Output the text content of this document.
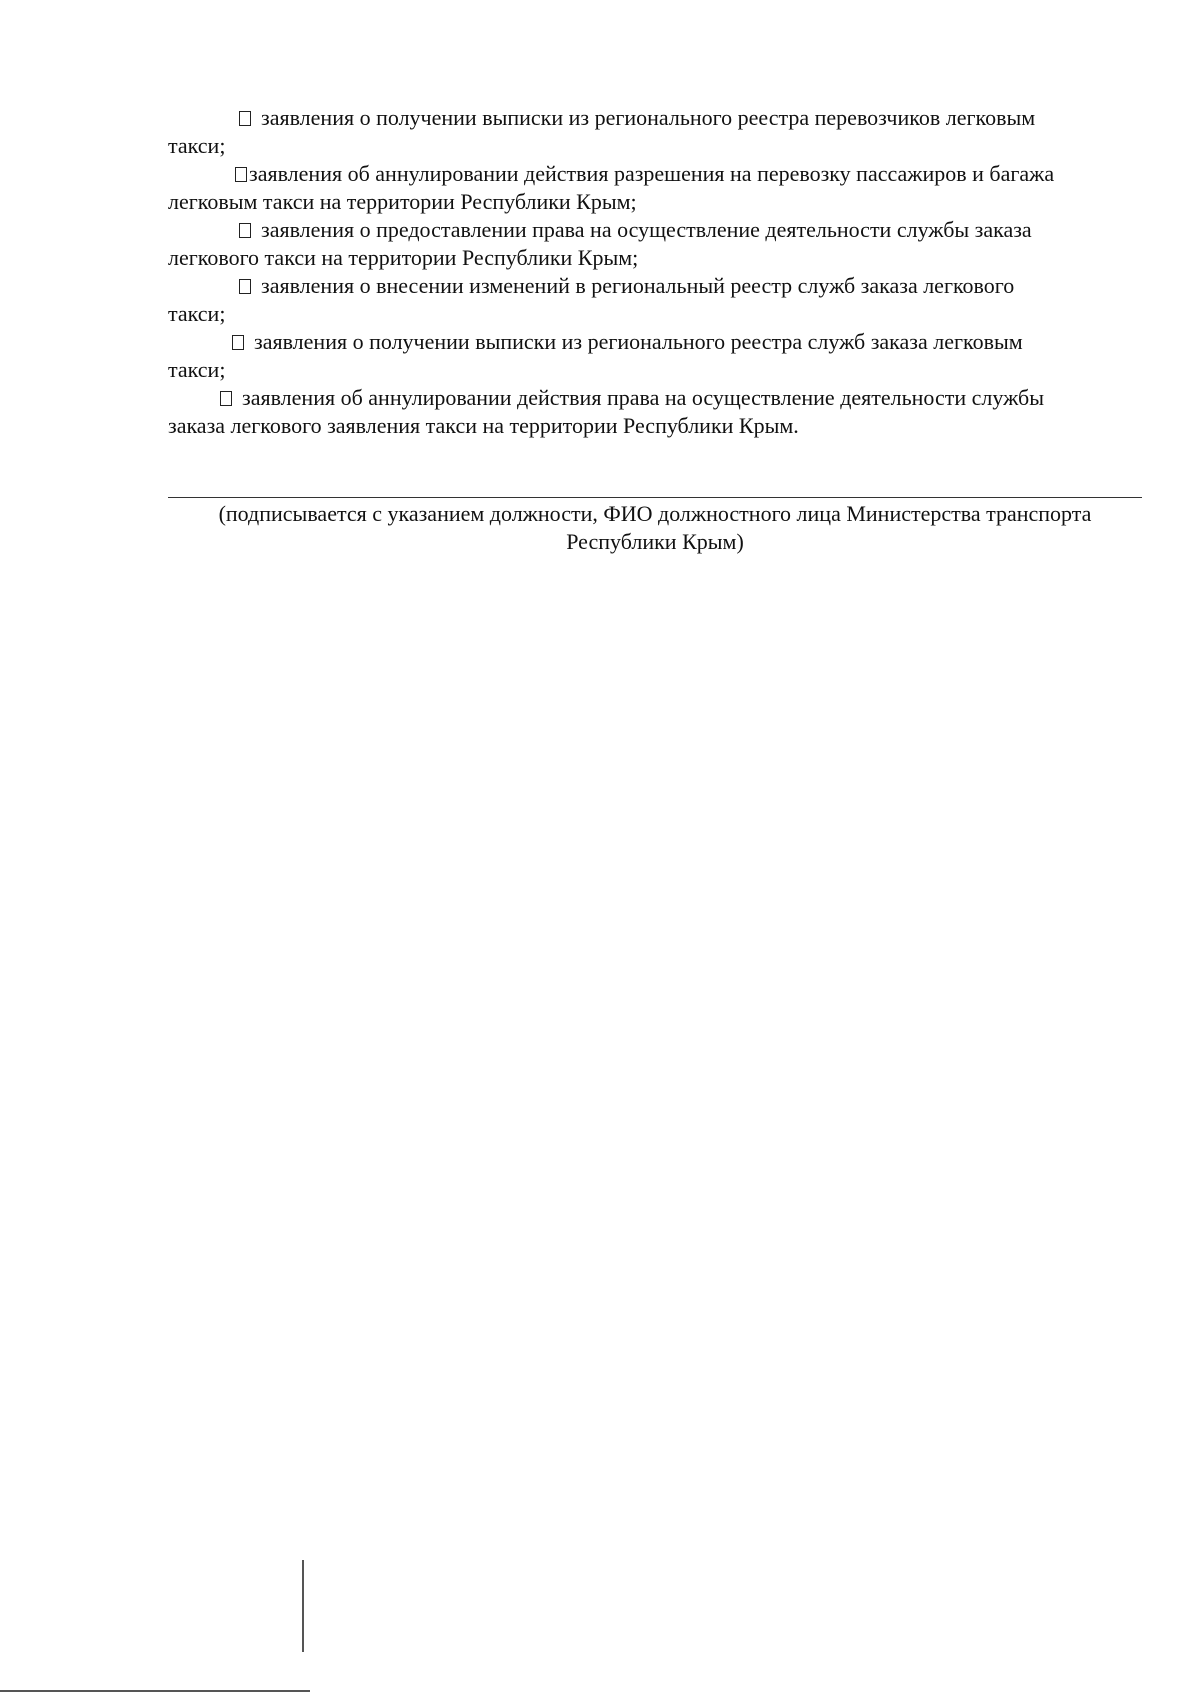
заявления о получении выписки из регионального реестра перевозчиков легковым
такси;

заявления об аннулировании действия разрешения на перевозку пассажиров и багажа
легковым такси на территории Республики Крым;

заявления о предоставлении права на осуществление деятельности службы заказа
легкового такси на территории Республики Крым;

заявления о внесении изменений в региональный реестр служб заказа легкового
такси;

заявления о получении выписки из регионального реестра служб заказа легковым
такси;

заявления об аннулировании действия права на осуществление деятельности службы
заказа легкового заявления такси на территории Республики Крым.

(подписывается с указанием должности, ФИО должностного лица Министерства транспорта
Республики Крым)
